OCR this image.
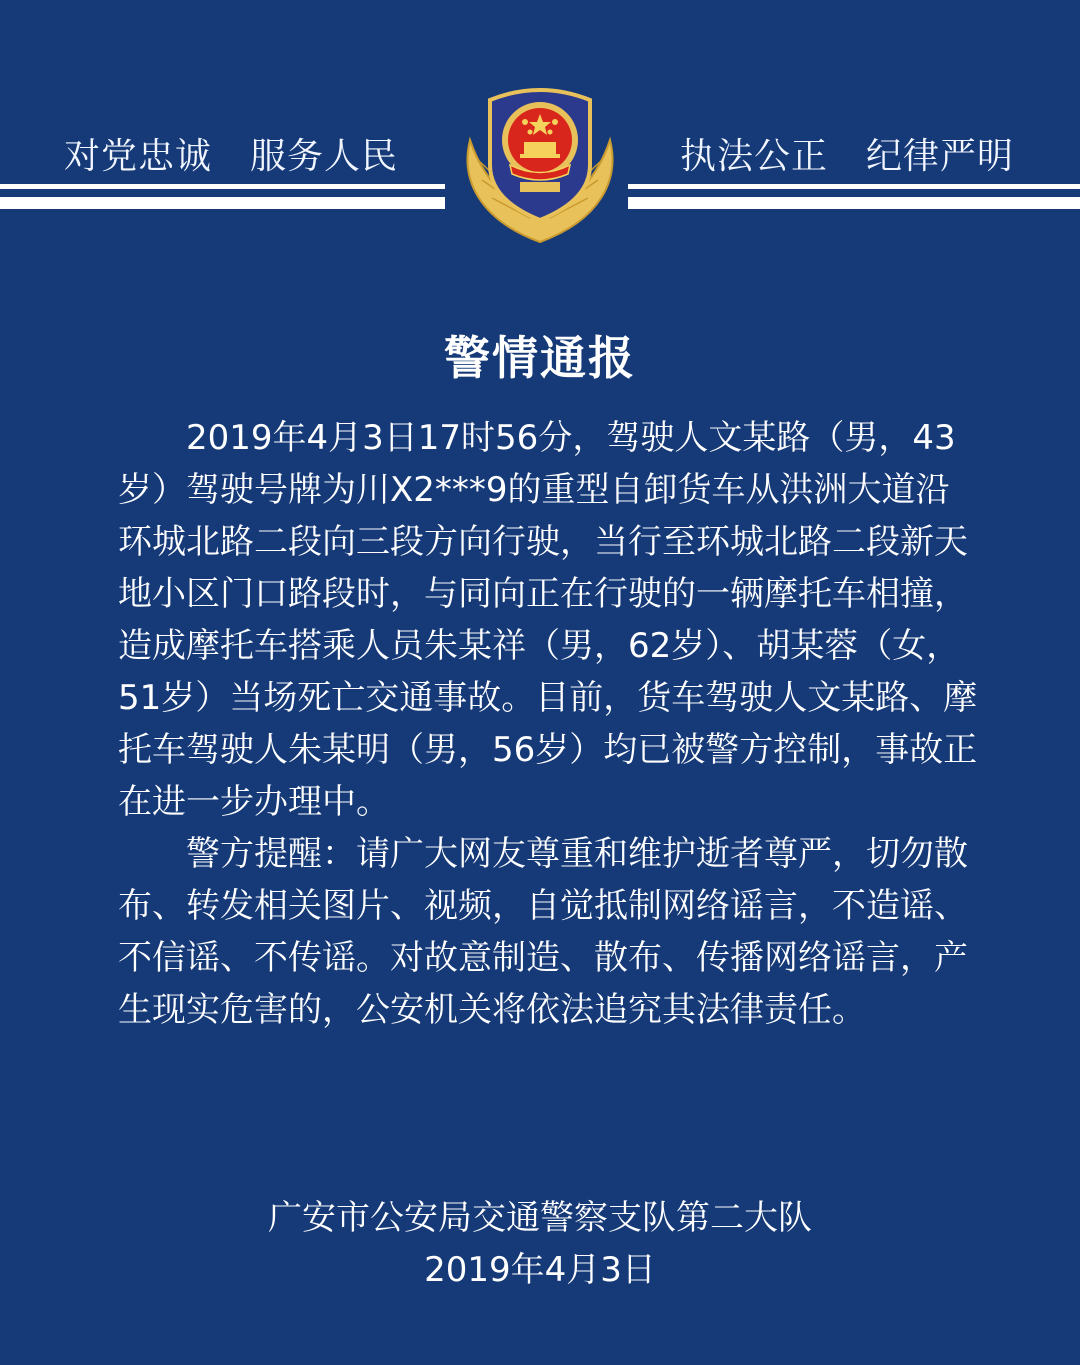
对党忠诚 服务人民	执法公正 纪律严明
警情通报

2019年4月3日17时56分，驾驶人文某路（男，43岁）驾驶号牌为川X2***9的重型自卸货车从洪洲大道沿环城北路二段向三段方向行驶，当行至环城北路二段新天地小区门口路段时，与同向正在行驶的一辆摩托车相撞，造成摩托车搭乘人员朱某祥（男，62岁）、胡某蓉（女，51岁）当场死亡交通事故。目前，货车驾驶人文某路、摩托车驾驶人朱某明（男，56岁）均已被警方控制，事故正在进一步办理中。

警方提醒：请广大网友尊重和维护逝者尊严，切勿散布、转发相关图片、视频，自觉抵制网络谣言，不造谣、不信谣、不传谣。对故意制造、散布、传播网络谣言，产生现实危害的，公安机关将依法追究其法律责任。

广安市公安局交通警察支队第二大队
2019年4月3日
